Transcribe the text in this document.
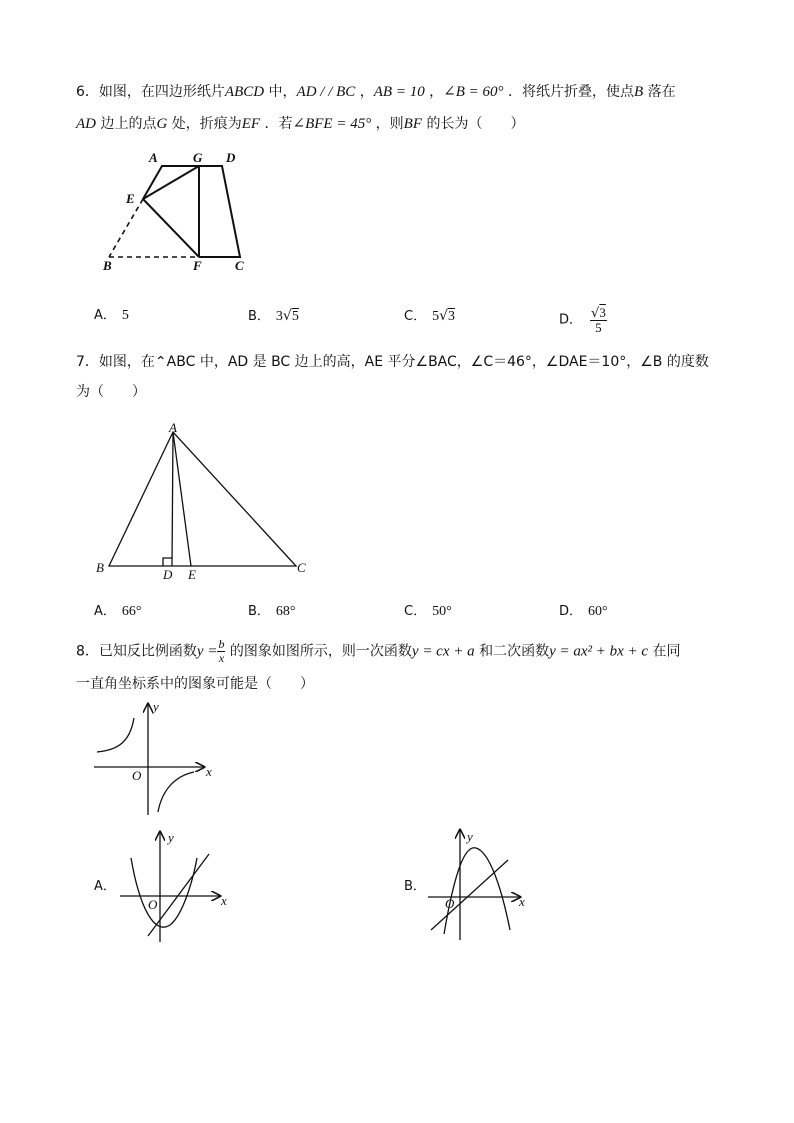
6．如图，在四边形纸片ABCD 中，AD / / BC ，AB = 10 ，∠B = 60° ．将纸片折叠，使点B 落在
AD 边上的点G 处，折痕为EF ．若∠BFE = 45° ，则BF 的长为（　　）
A	G D
E
B	F	C
A． 5	B． 3√5	C． 5√3	D． $\frac{√3}{5}$
7．如图，在⌃ABC 中，AD 是 BC 边上的高，AE 平分∠BAC，∠C＝46°，∠DAE＝10°，∠B 的度数
为（　　）
A
B	D E	C
A． 66°	B． 68°	C． 50°	D． 60°
8．已知反比例函数$y = \frac{b}{x}$ 的图象如图所示，则一次函数y = cx + a 和二次函数y = ax² + bx + c 在同
一直角坐标系中的图象可能是（　　）
x
y
O
A．
x
y
O
B．
x
y
O
